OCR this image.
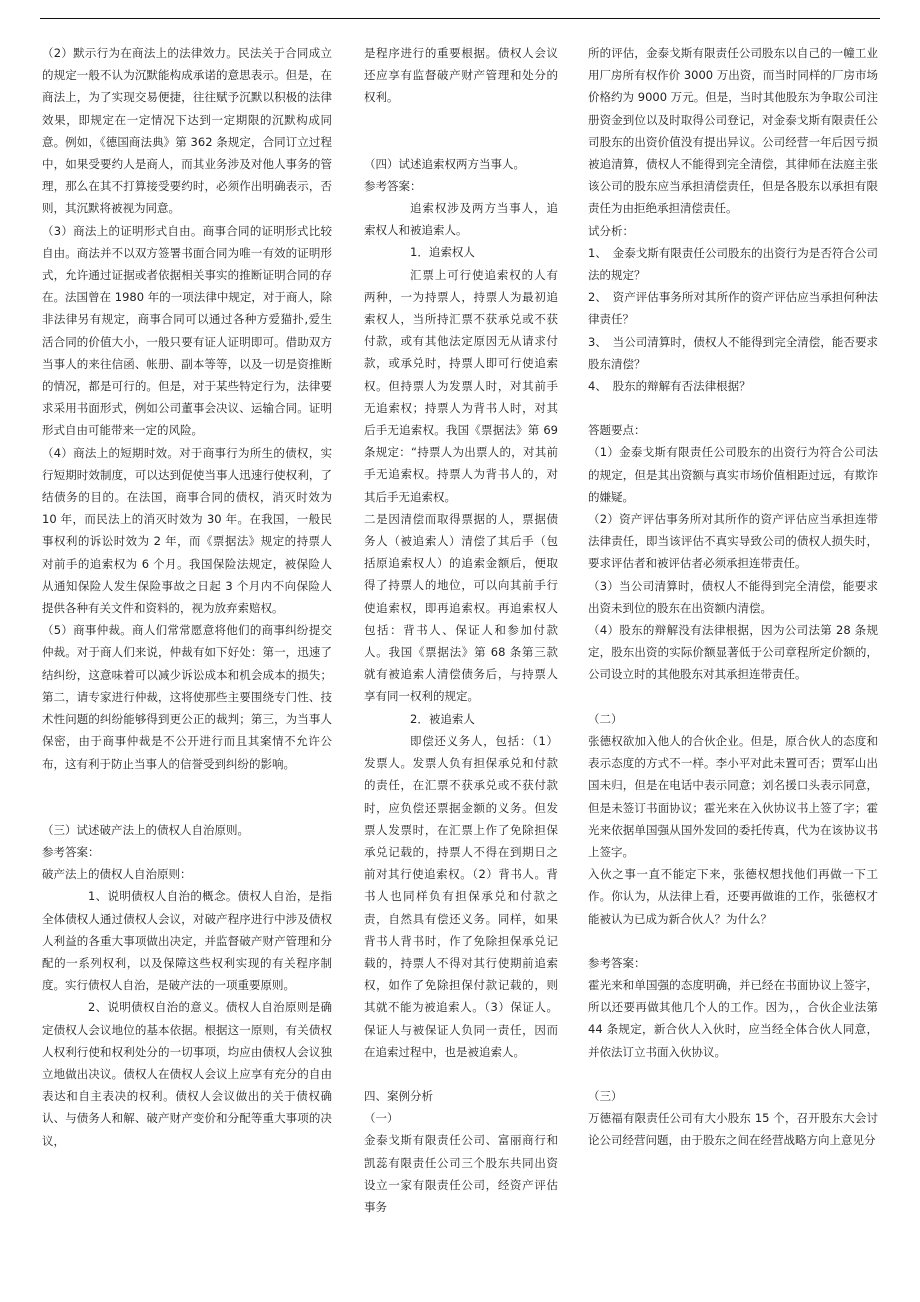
（2）默示行为在商法上的法律效力。民法关于合同成立的规定一般不认为沉默能构成承诺的意思表示。但是，在商法上，为了实现交易便捷，往往赋予沉默以积极的法律效果，即规定在一定情况下达到一定期限的沉默构成同意。例如，《德国商法典》第 362 条规定，合同订立过程中，如果受要约人是商人，而其业务涉及对他人事务的管理，那么在其不打算接受要约时，必须作出明确表示，否则，其沉默将被视为同意。

（3）商法上的证明形式自由。商事合同的证明形式比较自由。商法并不以双方签署书面合同为唯一有效的证明形式，允许通过证据或者依据相关事实的推断证明合同的存在。法国曾在 1980 年的一项法律中规定，对于商人，除非法律另有规定，商事合同可以通过各种方爱猫扑,爱生活合同的价值大小，一般只要有证人证明即可。借助双方当事人的来往信函、帐册、副本等等，以及一切是资推断的情况，都是可行的。但是，对于某些特定行为，法律要求采用书面形式，例如公司董事会决议、运输合同。证明形式自由可能带来一定的风险。

（4）商法上的短期时效。对于商事行为所生的债权，实行短期时效制度，可以达到促使当事人迅速行使权利，了结债务的目的。在法国，商事合同的债权，消灭时效为 10 年，而民法上的消灭时效为 30 年。在我国，一般民事权利的诉讼时效为 2 年，而《票据法》规定的持票人对前手的追索权为 6 个月。我国保险法规定，被保险人从通知保险人发生保险事故之日起 3 个月内不向保险人提供各种有关文件和资料的，视为放弃索赔权。

（5）商事仲裁。商人们常常愿意将他们的商事纠纷提交仲裁。对于商人们来说，仲裁有如下好处：第一，迅速了结纠纷，这意味着可以减少诉讼成本和机会成本的损失；第二，请专家进行仲裁，这将使那些主要围绕专门性、技术性问题的纠纷能够得到更公正的裁判；第三，为当事人保密，由于商事仲裁是不公开进行而且其案情不允许公布，这有利于防止当事人的信誉受到纠纷的影响。

（三）试述破产法上的债权人自治原则。

参考答案：

破产法上的债权人自治原则：

1、说明债权人自治的概念。债权人自治，是指全体债权人通过债权人会议，对破产程序进行中涉及债权人利益的各重大事项做出决定，并监督破产财产管理和分配的一系列权利，以及保障这些权利实现的有关程序制度。实行债权人自治，是破产法的一项重要原则。

2、说明债权自治的意义。债权人自治原则是确定债权人会议地位的基本依据。根据这一原则，有关债权人权利行使和权利处分的一切事项，均应由债权人会议独立地做出决议。债权人在债权人会议上应享有充分的自由表达和自主表决的权利。债权人会议做出的关于债权确认、与债务人和解、破产财产变价和分配等重大事项的决议，

是程序进行的重要根据。债权人会议还应享有监督破产财产管理和处分的权利。

（四）试述追索权两方当事人。

参考答案：

追索权涉及两方当事人，追索权人和被追索人。

1．追索权人

汇票上可行使追索权的人有两种，一为持票人，持票人为最初追索权人，当所持汇票不获承兑或不获付款，或有其他法定原因无从请求付款，或承兑时，持票人即可行使追索权。但持票人为发票人时，对其前手无追索权；持票人为背书人时，对其后手无追索权。我国《票据法》第 69 条规定：“持票人为出票人的，对其前手无追索权。持票人为背书人的，对其后手无追索权。

二是因清偿而取得票据的人，票据债务人（被追索人）清偿了其后手（包括原追索权人）的追索金额后，便取得了持票人的地位，可以向其前手行使追索权，即再追索权。再追索权人包括：背书人、保证人和参加付款人。我国《票据法》第 68 条第三款就有被追索人清偿债务后，与持票人享有同一权利的规定。

2．被追索人

即偿还义务人，包括：（1）发票人。发票人负有担保承兑和付款的责任，在汇票不获承兑或不获付款时，应负偿还票据金额的义务。但发票人发票时，在汇票上作了免除担保承兑记载的，持票人不得在到期日之前对其行使追索权。（2）背书人。背书人也同样负有担保承兑和付款之责，自然具有偿还义务。同样，如果背书人背书时，作了免除担保承兑记载的，持票人不得对其行使期前追索权，如作了免除担保付款记载的，则其就不能为被追索人。（3）保证人。保证人与被保证人负同一责任，因而在追索过程中，也是被追索人。

四、案例分析

（一）

金泰戈斯有限责任公司、富丽商行和凯蕊有限责任公司三个股东共同出资设立一家有限责任公司，经资产评估事务

所的评估，金泰戈斯有限责任公司股东以自己的一幢工业用厂房所有权作价 3000 万出资，而当时同样的厂房市场价格约为 9000 万元。但是，当时其他股东为争取公司注册资金到位以及时取得公司登记，对金泰戈斯有限责任公司股东的出资价值没有提出异议。公司经营一年后因亏损被追清算，债权人不能得到完全清偿，其律师在法庭主张该公司的股东应当承担清偿责任，但是各股东以承担有限责任为由拒绝承担清偿责任。

试分析：

1、　金泰戈斯有限责任公司股东的出资行为是否符合公司法的规定？

2、　资产评估事务所对其所作的资产评估应当承担何种法律责任？

3、　当公司清算时，债权人不能得到完全清偿，能否要求股东清偿？

4、　股东的辩解有否法律根据？

答题要点：

（1）金泰戈斯有限责任公司股东的出资行为符合公司法的规定，但是其出资额与真实市场价值相距过远，有欺诈的嫌疑。

（2）资产评估事务所对其所作的资产评估应当承担连带法律责任，即当该评估不真实导致公司的债权人损失时，要求评估者和被评估者必须承担连带责任。

（3）当公司清算时，债权人不能得到完全清偿，能要求出资未到位的股东在出资额内清偿。

（4）股东的辩解没有法律根据，因为公司法第 28 条规定，股东出资的实际价额显著低于公司章程所定价额的，公司设立时的其他股东对其承担连带责任。

（二）

张德权欲加入他人的合伙企业。但是，原合伙人的态度和表示态度的方式不一样。李小平对此未置可否；贾军山出国未归，但是在电话中表示同意；刘名援口头表示同意，但是未签订书面协议；霍光来在入伙协议书上签了字；霍光来依据单国强从国外发回的委托传真，代为在该协议书上签字。

入伙之事一直不能定下来，张德权想找他们再做一下工作。你认为，从法律上看，还要再做谁的工作，张德权才能被认为已成为新合伙人？为什么？

参考答案：

霍光来和单国强的态度明确，并已经在书面协议上签字，所以还要再做其他几个人的工作。因为，，合伙企业法第 44 条规定，新合伙人入伙时，应当经全体合伙人同意，并依法订立书面入伙协议。

（三）

万德福有限责任公司有大小股东 15 个，召开股东大会讨论公司经营问题，由于股东之间在经营战略方向上意见分
